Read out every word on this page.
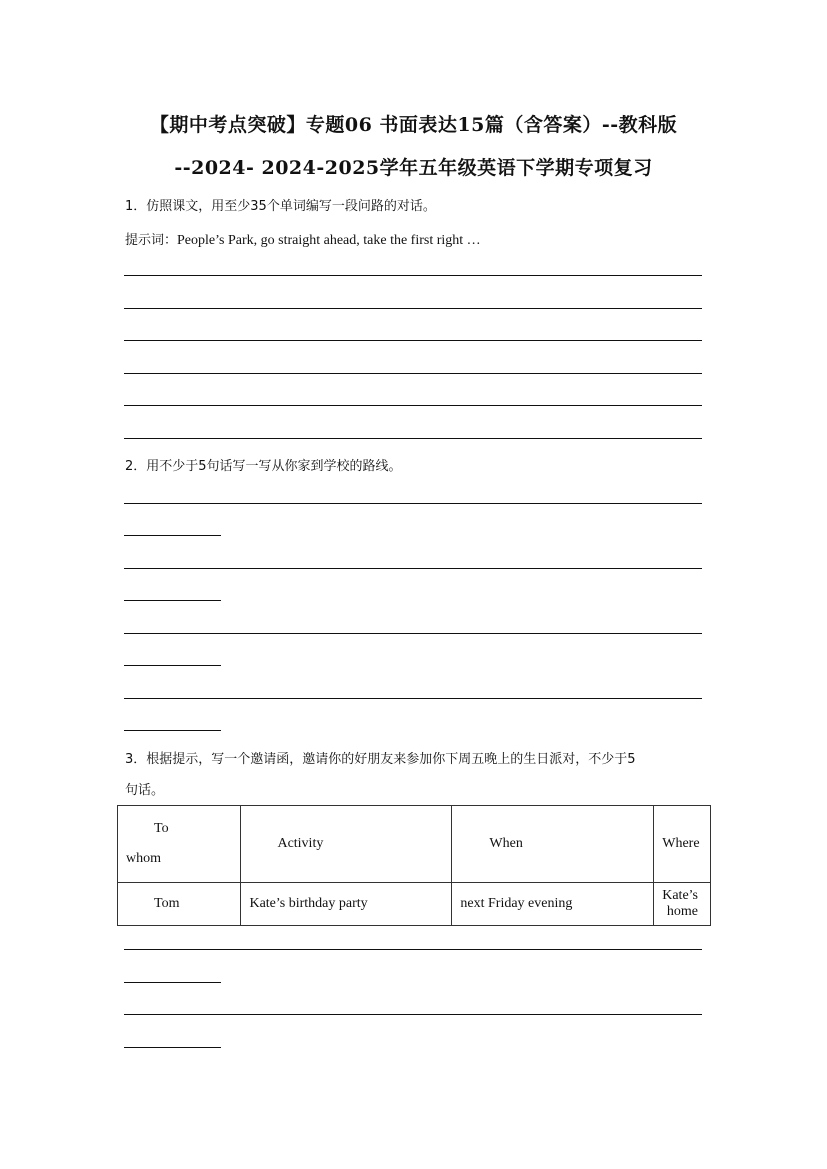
【期中考点突破】专题06 书面表达15篇（含答案）--教科版
--2024- 2024-2025学年五年级英语下学期专项复习
1．仿照课文，用至少35个单词编写一段问路的对话。
提示词：People’s Park, go straight ahead, take the first right …
2．用不少于5句话写一写从你家到学校的路线。
3．根据提示，写一个邀请函，邀请你的好朋友来参加你下周五晚上的生日派对，不少于5
句话。
To
whom	Activity	When	Where
Tom	Kate’s birthday party	next Friday evening	Kate’s home
